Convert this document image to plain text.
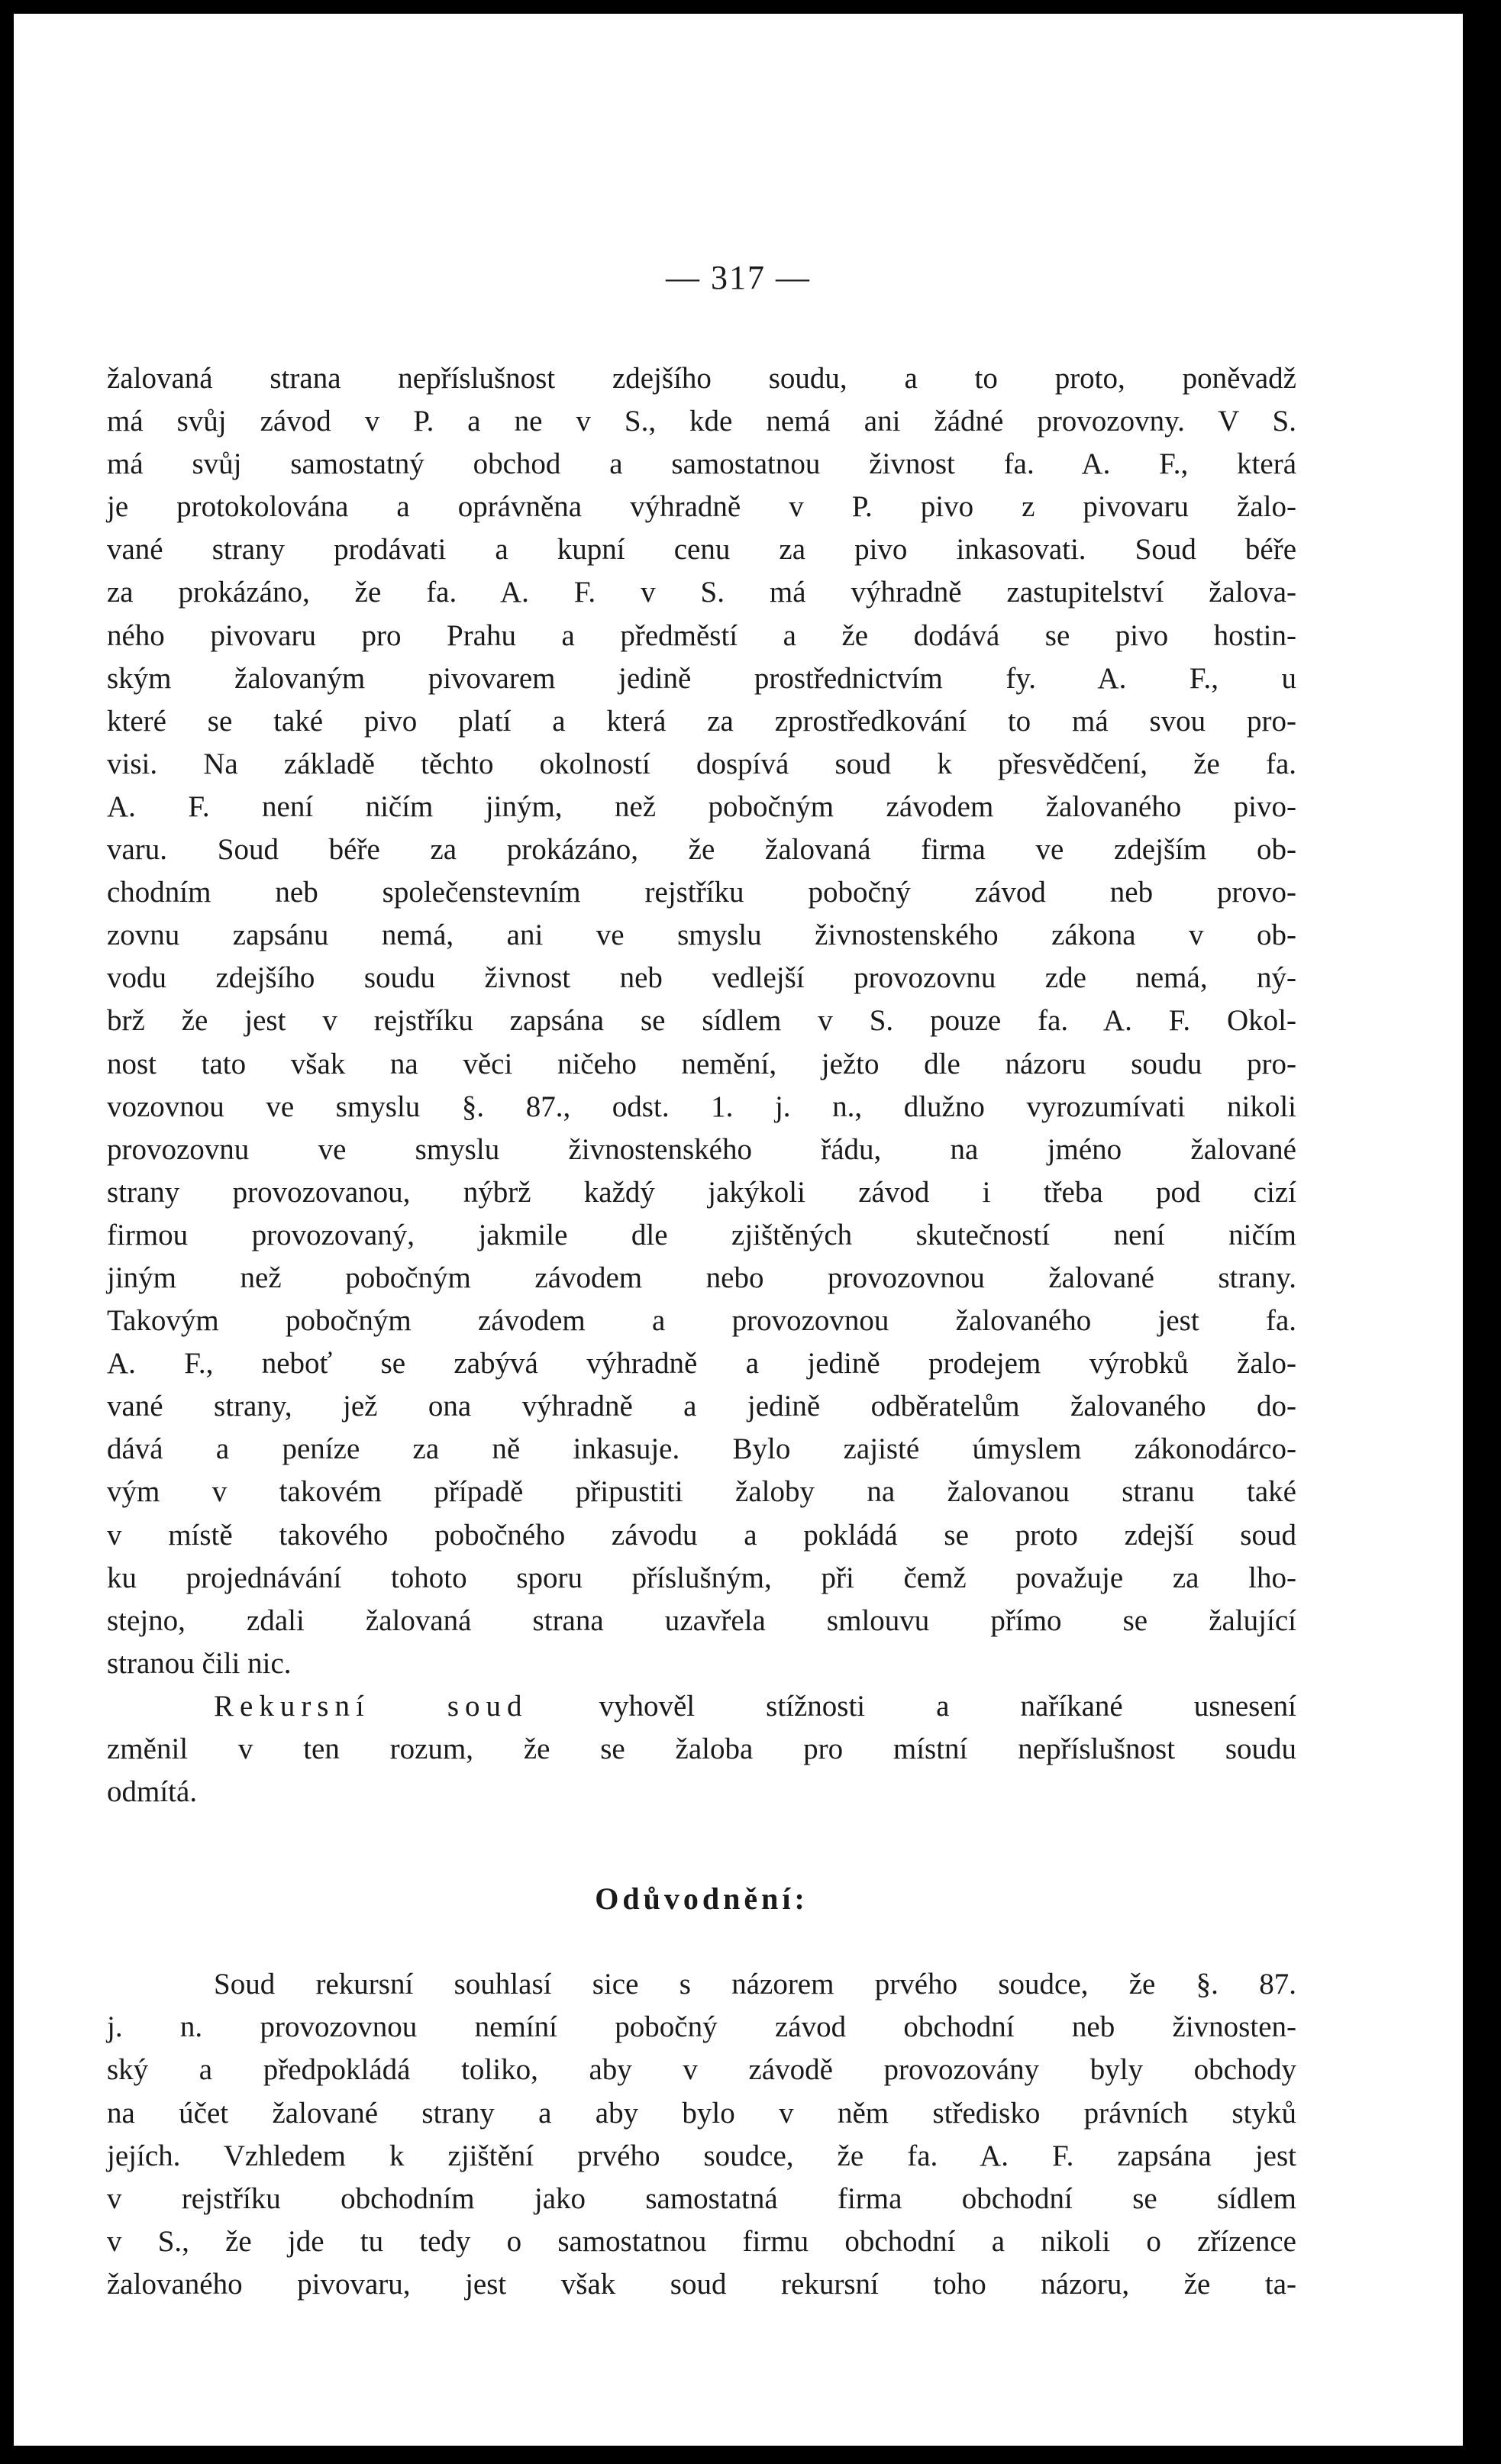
— 317 —
žalovaná strana nepříslušnost zdejšího soudu, a to proto, poněvadž
má svůj závod v P. a ne v S., kde nemá ani žádné provozovny. V S.
má svůj samostatný obchod a samostatnou živnost fa. A. F., která
je protokolována a oprávněna výhradně v P. pivo z pivovaru žalo-
vané strany prodávati a kupní cenu za pivo inkasovati. Soud béře
za prokázáno, že fa. A. F. v S. má výhradně zastupitelství žalova-
ného pivovaru pro Prahu a předměstí a že dodává se pivo hostin-
ským žalovaným pivovarem jedině prostřednictvím fy. A. F., u
které se také pivo platí a která za zprostředkování to má svou pro-
visi. Na základě těchto okolností dospívá soud k přesvědčení, že fa.
A. F. není ničím jiným, než pobočným závodem žalovaného pivo-
varu. Soud béře za prokázáno, že žalovaná firma ve zdejším ob-
chodním neb společenstevním rejstříku pobočný závod neb provo-
zovnu zapsánu nemá, ani ve smyslu živnostenského zákona v ob-
vodu zdejšího soudu živnost neb vedlejší provozovnu zde nemá, ný-
brž že jest v rejstříku zapsána se sídlem v S. pouze fa. A. F. Okol-
nost tato však na věci ničeho nemění, ježto dle názoru soudu pro-
vozovnou ve smyslu §. 87., odst. 1. j. n., dlužno vyrozumívati nikoli
provozovnu ve smyslu živnostenského řádu, na jméno žalované
strany provozovanou, nýbrž každý jakýkoli závod i třeba pod cizí
firmou provozovaný, jakmile dle zjištěných skutečností není ničím
jiným než pobočným závodem nebo provozovnou žalované strany.
Takovým pobočným závodem a provozovnou žalovaného jest fa.
A. F., neboť se zabývá výhradně a jedině prodejem výrobků žalo-
vané strany, jež ona výhradně a jedině odběratelům žalovaného do-
dává a peníze za ně inkasuje. Bylo zajisté úmyslem zákonodárco-
vým v takovém případě připustiti žaloby na žalovanou stranu také
v místě takového pobočného závodu a pokládá se proto zdejší soud
ku projednávání tohoto sporu příslušným, při čemž považuje za lho-
stejno, zdali žalovaná strana uzavřela smlouvu přímo se žalující
stranou čili nic.
Rekursní soud vyhověl stížnosti a naříkané usnesení
změnil v ten rozum, že se žaloba pro místní nepříslušnost soudu
odmítá.
Odůvodnění:
Soud rekursní souhlasí sice s názorem prvého soudce, že §. 87.
j. n. provozovnou nemíní pobočný závod obchodní neb živnosten-
ský a předpokládá toliko, aby v závodě provozovány byly obchody
na účet žalované strany a aby bylo v něm středisko právních styků
jejích. Vzhledem k zjištění prvého soudce, že fa. A. F. zapsána jest
v rejstříku obchodním jako samostatná firma obchodní se sídlem
v S., že jde tu tedy o samostatnou firmu obchodní a nikoli o zřízence
žalovaného pivovaru, jest však soud rekursní toho názoru, že ta-
